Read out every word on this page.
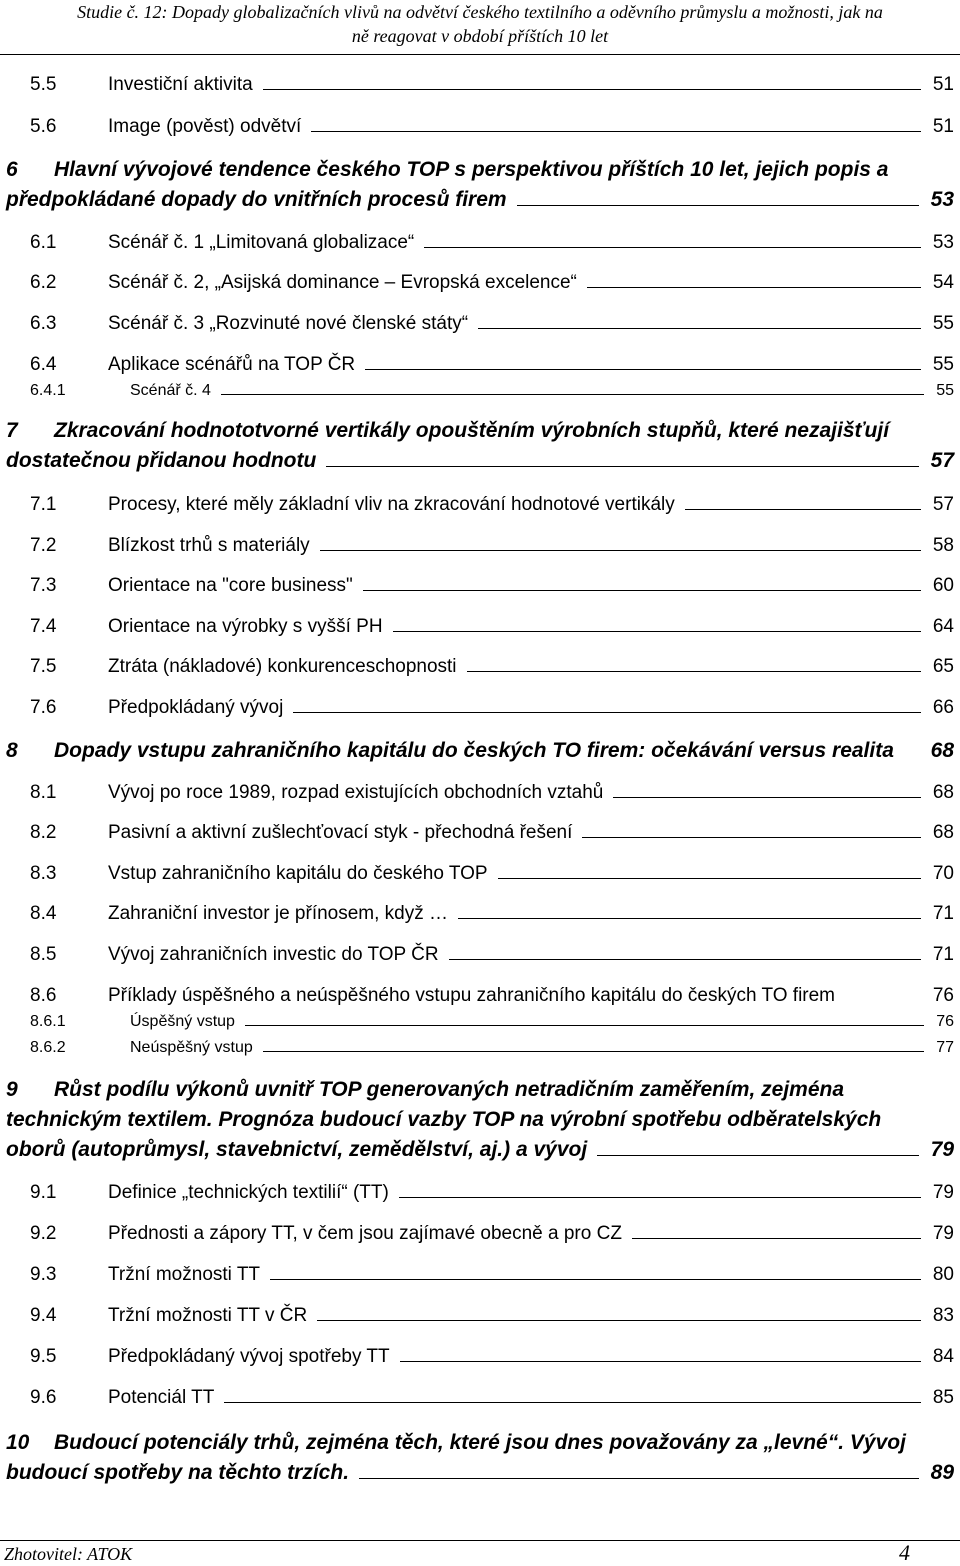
Studie č. 12: Dopady globalizačních vlivů na odvětví českého textilního a oděvního průmyslu a možnosti, jak na
ně reagovat v období příštích 10 let
5.5	Investiční aktivita	51
5.6	Image (pověst) odvětví	51
6	Hlavní vývojové tendence českého TOP s perspektivou příštích 10 let, jejich popis a
předpokládané dopady do vnitřních procesů firem	53
6.1	Scénář č. 1 „Limitovaná globalizace“	53
6.2	Scénář č. 2, „Asijská dominance – Evropská excelence“	54
6.3	Scénář č. 3 „Rozvinuté nové členské státy“	55
6.4	Aplikace scénářů na TOP ČR	55
6.4.1	Scénář č. 4	55
7	Zkracování hodnototvorné vertikály opouštěním výrobních stupňů, které nezajišťují
dostatečnou přidanou hodnotu	57
7.1	Procesy, které měly základní vliv na zkracování hodnotové vertikály	57
7.2	Blízkost trhů s materiály	58
7.3	Orientace na "core business"	60
7.4	Orientace na výrobky s vyšší PH	64
7.5	Ztráta (nákladové) konkurenceschopnosti	65
7.6	Předpokládaný vývoj	66
8	Dopady vstupu zahraničního kapitálu do českých TO firem: očekávání versus realita 68
8.1	Vývoj po roce 1989, rozpad existujících obchodních vztahů	68
8.2	Pasivní a aktivní zušlechťovací styk - přechodná řešení	68
8.3	Vstup zahraničního kapitálu do českého TOP	70
8.4	Zahraniční investor je přínosem, když …	71
8.5	Vývoj zahraničních investic do TOP ČR	71
8.6	Příklady úspěšného a neúspěšného vstupu zahraničního kapitálu do českých TO firem	76
8.6.1	Úspěšný vstup	76
8.6.2	Neúspěšný vstup	77
9	Růst podílu výkonů uvnitř TOP generovaných netradičním zaměřením, zejména
technickým textilem. Prognóza budoucí vazby TOP na výrobní spotřebu odběratelských
oborů (autoprůmysl, stavebnictví, zemědělství, aj.) a vývoj	79
9.1	Definice „technických textilií“ (TT)	79
9.2	Přednosti a zápory TT, v čem jsou zajímavé obecně a pro CZ	79
9.3	Tržní možnosti TT	80
9.4	Tržní možnosti TT v ČR	83
9.5	Předpokládaný vývoj spotřeby TT	84
9.6	Potenciál TT	85
10	Budoucí potenciály trhů, zejména těch, které jsou dnes považovány za „levné“. Vývoj
budoucí spotřeby na těchto trzích.	89
Zhotovitel: ATOK	4
